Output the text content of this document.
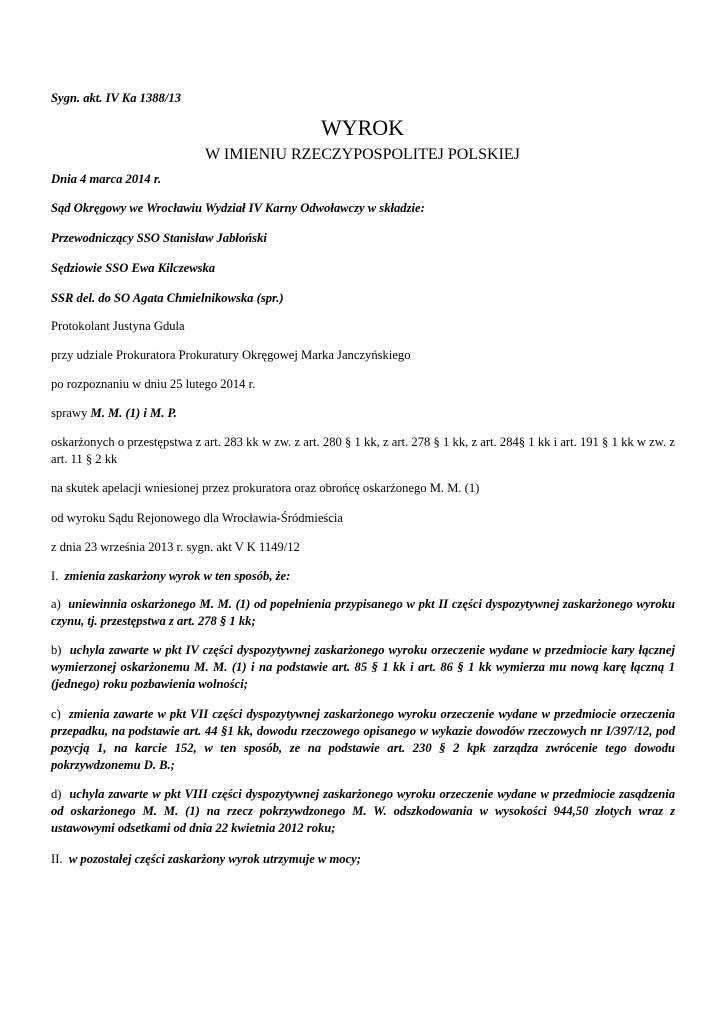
Sygn. akt. IV Ka 1388/13

WYROK
W IMIENIU RZECZYPOSPOLITEJ POLSKIEJ

Dnia 4 marca 2014 r.

Sąd Okręgowy we Wrocławiu Wydział IV Karny Odwoławczy w składzie:

Przewodniczący SSO Stanisław Jabłoński

Sędziowie SSO Ewa Kilczewska

SSR del. do SO Agata Chmielnikowska (spr.)

Protokolant Justyna Gdula

przy udziale Prokuratora Prokuratury Okręgowej Marka Janczyńskiego

po rozpoznaniu w dniu 25 lutego 2014 r.

sprawy M. M. (1) i M. P.

oskarżonych o przestępstwa z art. 283 kk w zw. z art. 280 § 1 kk, z art. 278 § 1 kk, z art. 284§ 1 kk i art. 191 § 1 kk w zw. z art. 11 § 2 kk

na skutek apelacji wniesionej przez prokuratora oraz obrońcę oskarżonego M. M. (1)

od wyroku Sądu Rejonowego dla Wrocławia-Śródmieścia

z dnia 23 września 2013 r. sygn. akt V K 1149/12

I. zmienia zaskarżony wyrok w ten sposób, że:

a) uniewinnia oskarżonego M. M. (1) od popełnienia przypisanego w pkt II części dyspozytywnej zaskarżonego wyroku czynu, tj. przestępstwa z art. 278 § 1 kk;

b) uchyla zawarte w pkt IV części dyspozytywnej zaskarżonego wyroku orzeczenie wydane w przedmiocie kary łącznej wymierzonej oskarżonemu M. M. (1) i na podstawie art. 85 § 1 kk i art. 86 § 1 kk wymierza mu nową karę łączną 1 (jednego) roku pozbawienia wolności;

c) zmienia zawarte w pkt VII części dyspozytywnej zaskarżonego wyroku orzeczenie wydane w przedmiocie orzeczenia przepadku, na podstawie art. 44 §1 kk, dowodu rzeczowego opisanego w wykazie dowodów rzeczowych nr I/397/12, pod pozycją 1, na karcie 152, w ten sposób, ze na podstawie art. 230 § 2 kpk zarządza zwrócenie tego dowodu pokrzywdzonemu D. B.;

d) uchyla zawarte w pkt VIII części dyspozytywnej zaskarżonego wyroku orzeczenie wydane w przedmiocie zasądzenia od oskarżonego M. M. (1) na rzecz pokrzywdzonego M. W. odszkodowania w wysokości 944,50 złotych wraz z ustawowymi odsetkami od dnia 22 kwietnia 2012 roku;

II. w pozostałej części zaskarżony wyrok utrzymuje w mocy;
